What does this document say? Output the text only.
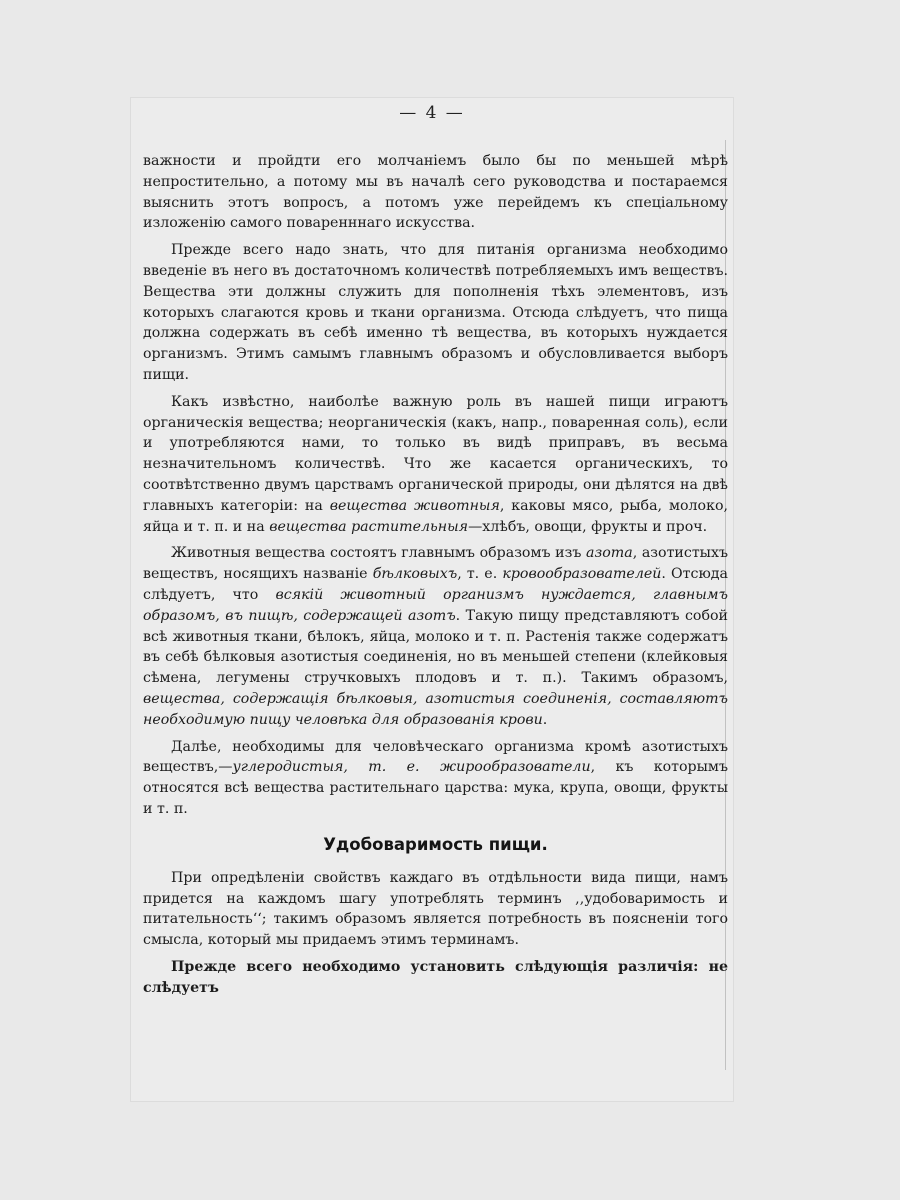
— 4 —

важности и пройдти его молчаніемъ было бы по меньшей мѣрѣ непростительно, а потому мы въ началѣ сего руководства и постараемся выяснить этотъ вопросъ, а потомъ уже перейдемъ къ спеціальному изложенію самого поваренннаго искусства.

Прежде всего надо знать, что для питанія организма необходимо введеніе въ него въ достаточномъ количествѣ потребляемыхъ имъ веществъ. Вещества эти должны служить для пополненія тѣхъ элементовъ, изъ которыхъ слагаются кровь и ткани организма. Отсюда слѣдуетъ, что пища должна содержать въ себѣ именно тѣ вещества, въ которыхъ нуждается организмъ. Этимъ самымъ главнымъ образомъ и обусловливается выборъ пищи.

Какъ извѣстно, наиболѣе важную роль въ нашей пищи играютъ органическія вещества; неорганическія (какъ, напр., поваренная соль), если и употребляются нами, то только въ видѣ приправъ, въ весьма незначительномъ количествѣ. Что же касается органическихъ, то соотвѣтственно двумъ царствамъ органической природы, они дѣлятся на двѣ главныхъ категоріи: на вещества животныя, каковы мясо, рыба, молоко, яйца и т. п. и на вещества растительныя—хлѣбъ, овощи, фрукты и проч.

Животныя вещества состоятъ главнымъ образомъ изъ азота, азотистыхъ веществъ, носящихъ названіе бѣлковыхъ, т. е. кровообразователей. Отсюда слѣдуетъ, что всякій животный организмъ нуждается, главнымъ образомъ, въ пищѣ, содержащей азотъ. Такую пищу представляютъ собой всѣ животныя ткани, бѣлокъ, яйца, молоко и т. п. Растенія также содержатъ въ себѣ бѣлковыя азотистыя соединенія, но въ меньшей степени (клейковыя сѣмена, легумены стручковыхъ плодовъ и т. п.). Такимъ образомъ, вещества, содержащія бѣлковыя, азотистыя соединенія, составляютъ необходимую пищу человѣка для образованія крови.

Далѣе, необходимы для человѣческаго организма кромѣ азотистыхъ веществъ,—углеродистыя, т. е. жирообразователи, къ которымъ относятся всѣ вещества растительнаго царства: мука, крупа, овощи, фрукты и т. п.

Удобоваримость пищи.

При опредѣленіи свойствъ каждаго въ отдѣльности вида пищи, намъ придется на каждомъ шагу употреблять терминъ ,,удобоваримость и питательность‘‘; такимъ образомъ является потребность въ поясненіи того смысла, который мы придаемъ этимъ терминамъ.

Прежде всего необходимо установить слѣдующія различія: не слѣдуетъ
